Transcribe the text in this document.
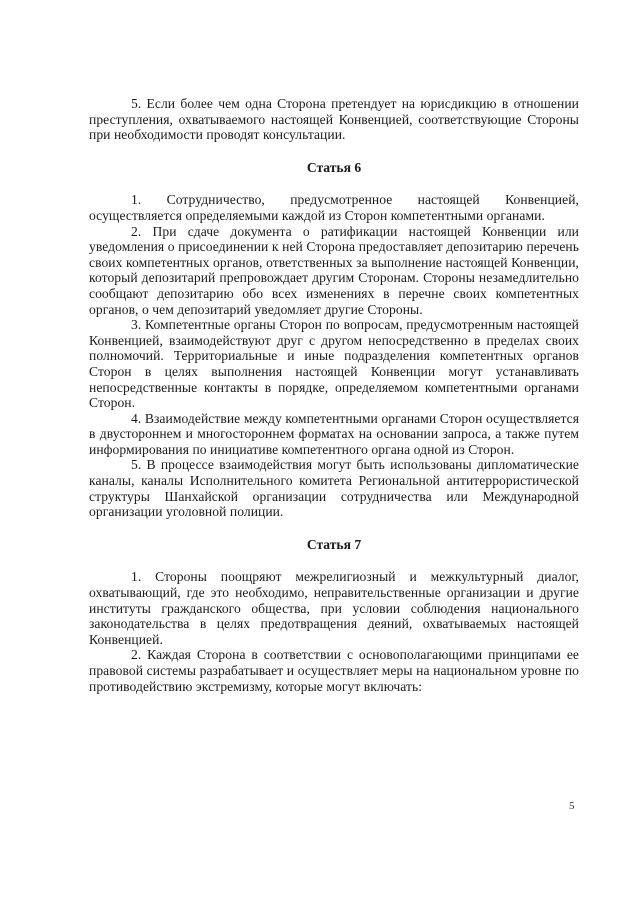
5. Если более чем одна Сторона претендует на юрисдикцию в отношении преступления, охватываемого настоящей Конвенцией, соответствующие Стороны при необходимости проводят консультации.

Статья 6

1. Сотрудничество, предусмотренное настоящей Конвенцией, осуществляется определяемыми каждой из Сторон компетентными органами.

2. При сдаче документа о ратификации настоящей Конвенции или уведомления о присоединении к ней Сторона предоставляет депозитарию перечень своих компетентных органов, ответственных за выполнение настоящей Конвенции, который депозитарий препровождает другим Сторонам. Стороны незамедлительно сообщают депозитарию обо всех изменениях в перечне своих компетентных органов, о чем депозитарий уведомляет другие Стороны.

3. Компетентные органы Сторон по вопросам, предусмотренным настоящей Конвенцией, взаимодействуют друг с другом непосредственно в пределах своих полномочий. Территориальные и иные подразделения компетентных органов Сторон в целях выполнения настоящей Конвенции могут устанавливать непосредственные контакты в порядке, определяемом компетентными органами Сторон.

4. Взаимодействие между компетентными органами Сторон осуществляется в двустороннем и многостороннем форматах на основании запроса, а также путем информирования по инициативе компетентного органа одной из Сторон.

5. В процессе взаимодействия могут быть использованы дипломатические каналы, каналы Исполнительного комитета Региональной антитеррористической структуры Шанхайской организации сотрудничества или Международной организации уголовной полиции.

Статья 7

1. Стороны поощряют межрелигиозный и межкультурный диалог, охватывающий, где это необходимо, неправительственные организации и другие институты гражданского общества, при условии соблюдения национального законодательства в целях предотвращения деяний, охватываемых настоящей Конвенцией.

2. Каждая Сторона в соответствии с основополагающими принципами ее правовой системы разрабатывает и осуществляет меры на национальном уровне по противодействию экстремизму, которые могут включать:

5
